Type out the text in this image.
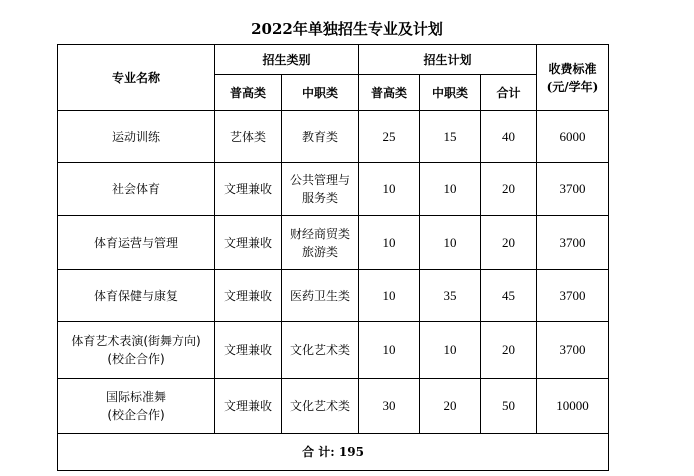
2022年单独招生专业及计划
专业名称	招生类别		招生计划			收费标准
(元/学年)

	普高类	中职类	普高类	中职类	合计	

运动训练	艺体类	教育类	25	15	40	6000

社会体育	文理兼收	公共管理与
服务类	10	10	20	3700

体育运营与管理	文理兼收	财经商贸类
旅游类	10	10	20	3700

体育保健与康复	文理兼收	医药卫生类	10	35	45	3700

体育艺术表演(街舞方向)
(校企合作)	文理兼收	文化艺术类	10	10	20	3700

国际标准舞
(校企合作)	文理兼收	文化艺术类	30	20	50	10000
合 计: 195						
